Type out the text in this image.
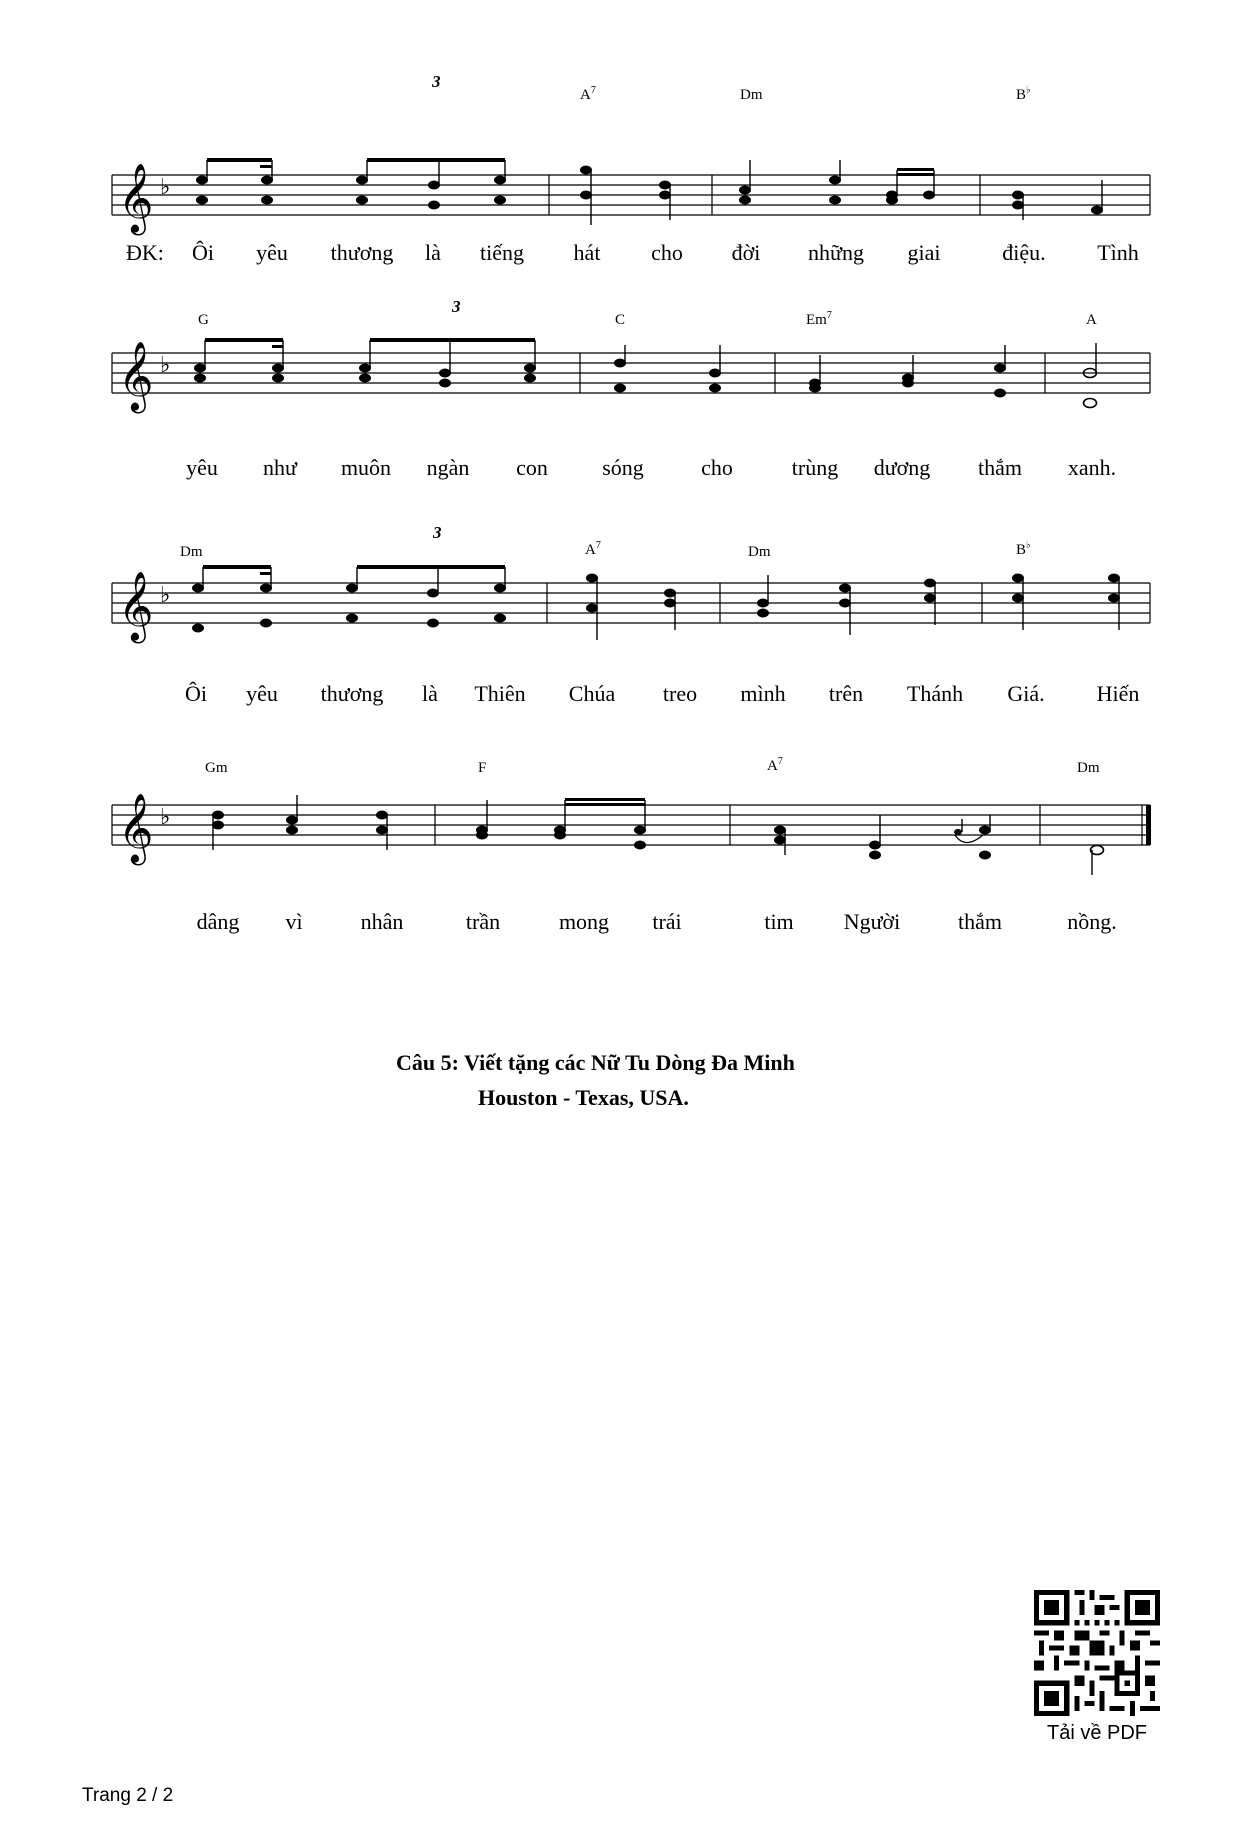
𝄞 ♭	.
3
$A^7$	Dm	B♭
ĐK: Ôi yêu thương là tiếng hát cho đời những giai	điệu. Tình
𝄞 ♭
3
G	C	Em$^7$	A
yêu như muôn ngàn con sóng	cho	trùng dương thắm xanh.
𝄞 ♭
3
Dm	$A^7$	Dm	B♭
Ôi yêu thương là Thiên Chúa treo mình trên Thánh Giá. Hiến
𝄞 ♭
Gm	F	$A^7$	Dm
dâng vì	nhân	trần	mong trái	tim Người	thắm	nồng.
Câu 5: Viết tặng các Nữ Tu Dòng Đa Minh
Houston - Texas, USA.
Tải về PDF
Trang 2 / 2
